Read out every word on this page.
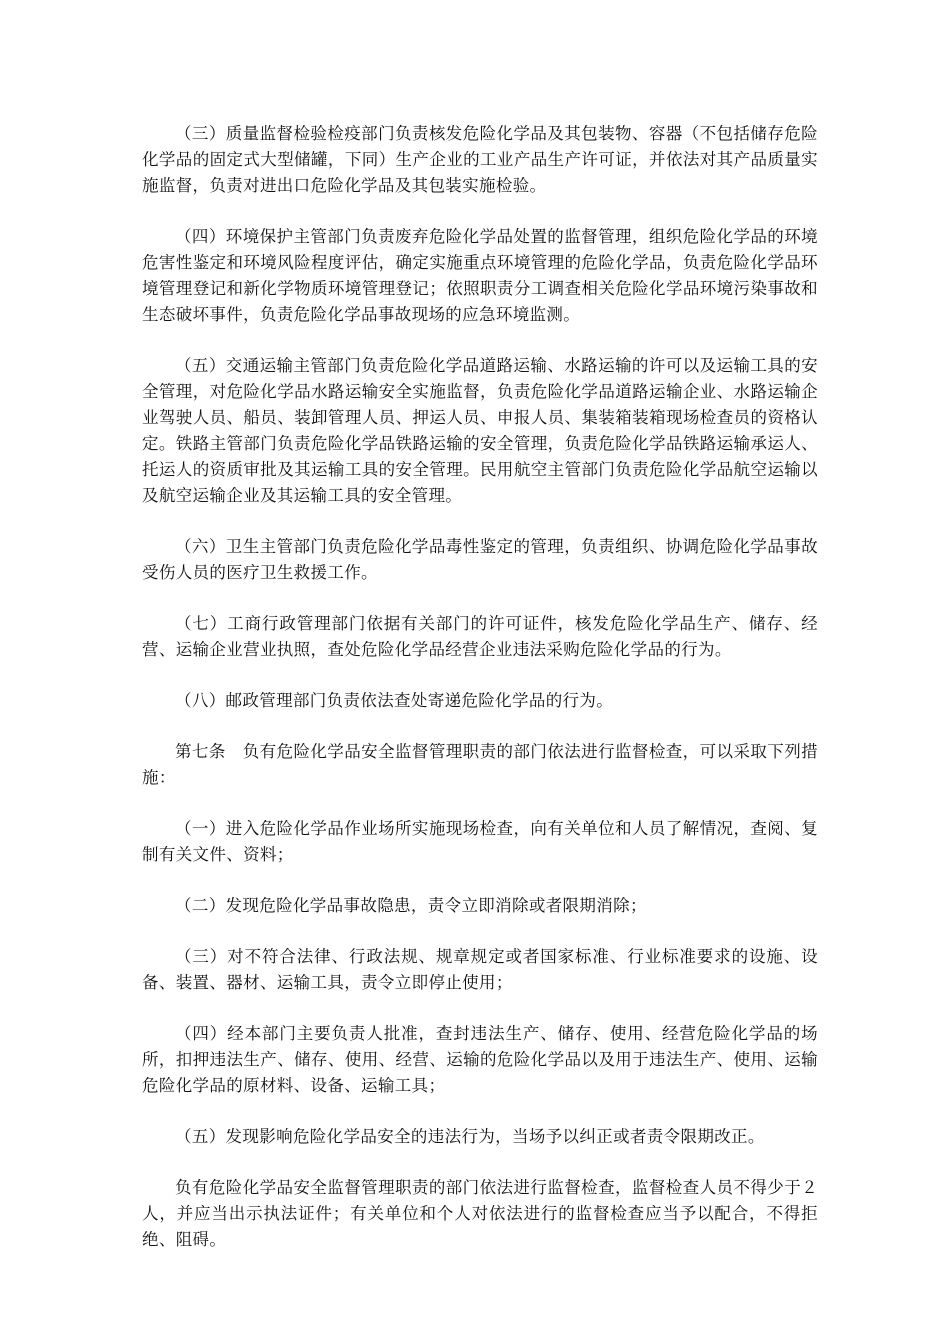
（三）质量监督检验检疫部门负责核发危险化学品及其包装物、容器（不包括储存危险化学品的固定式大型储罐，下同）生产企业的工业产品生产许可证，并依法对其产品质量实施监督，负责对进出口危险化学品及其包装实施检验。

（四）环境保护主管部门负责废弃危险化学品处置的监督管理，组织危险化学品的环境危害性鉴定和环境风险程度评估，确定实施重点环境管理的危险化学品，负责危险化学品环境管理登记和新化学物质环境管理登记；依照职责分工调查相关危险化学品环境污染事故和生态破坏事件，负责危险化学品事故现场的应急环境监测。

（五）交通运输主管部门负责危险化学品道路运输、水路运输的许可以及运输工具的安全管理，对危险化学品水路运输安全实施监督，负责危险化学品道路运输企业、水路运输企业驾驶人员、船员、装卸管理人员、押运人员、申报人员、集装箱装箱现场检查员的资格认定。铁路主管部门负责危险化学品铁路运输的安全管理，负责危险化学品铁路运输承运人、托运人的资质审批及其运输工具的安全管理。民用航空主管部门负责危险化学品航空运输以及航空运输企业及其运输工具的安全管理。

（六）卫生主管部门负责危险化学品毒性鉴定的管理，负责组织、协调危险化学品事故受伤人员的医疗卫生救援工作。

（七）工商行政管理部门依据有关部门的许可证件，核发危险化学品生产、储存、经营、运输企业营业执照，查处危险化学品经营企业违法采购危险化学品的行为。

（八）邮政管理部门负责依法查处寄递危险化学品的行为。

第七条　负有危险化学品安全监督管理职责的部门依法进行监督检查，可以采取下列措施：

（一）进入危险化学品作业场所实施现场检查，向有关单位和人员了解情况，查阅、复制有关文件、资料；

（二）发现危险化学品事故隐患，责令立即消除或者限期消除；

（三）对不符合法律、行政法规、规章规定或者国家标准、行业标准要求的设施、设备、装置、器材、运输工具，责令立即停止使用；

（四）经本部门主要负责人批准，查封违法生产、储存、使用、经营危险化学品的场所，扣押违法生产、储存、使用、经营、运输的危险化学品以及用于违法生产、使用、运输危险化学品的原材料、设备、运输工具；

（五）发现影响危险化学品安全的违法行为，当场予以纠正或者责令限期改正。

负有危险化学品安全监督管理职责的部门依法进行监督检查，监督检查人员不得少于２人，并应当出示执法证件；有关单位和个人对依法进行的监督检查应当予以配合，不得拒绝、阻碍。
